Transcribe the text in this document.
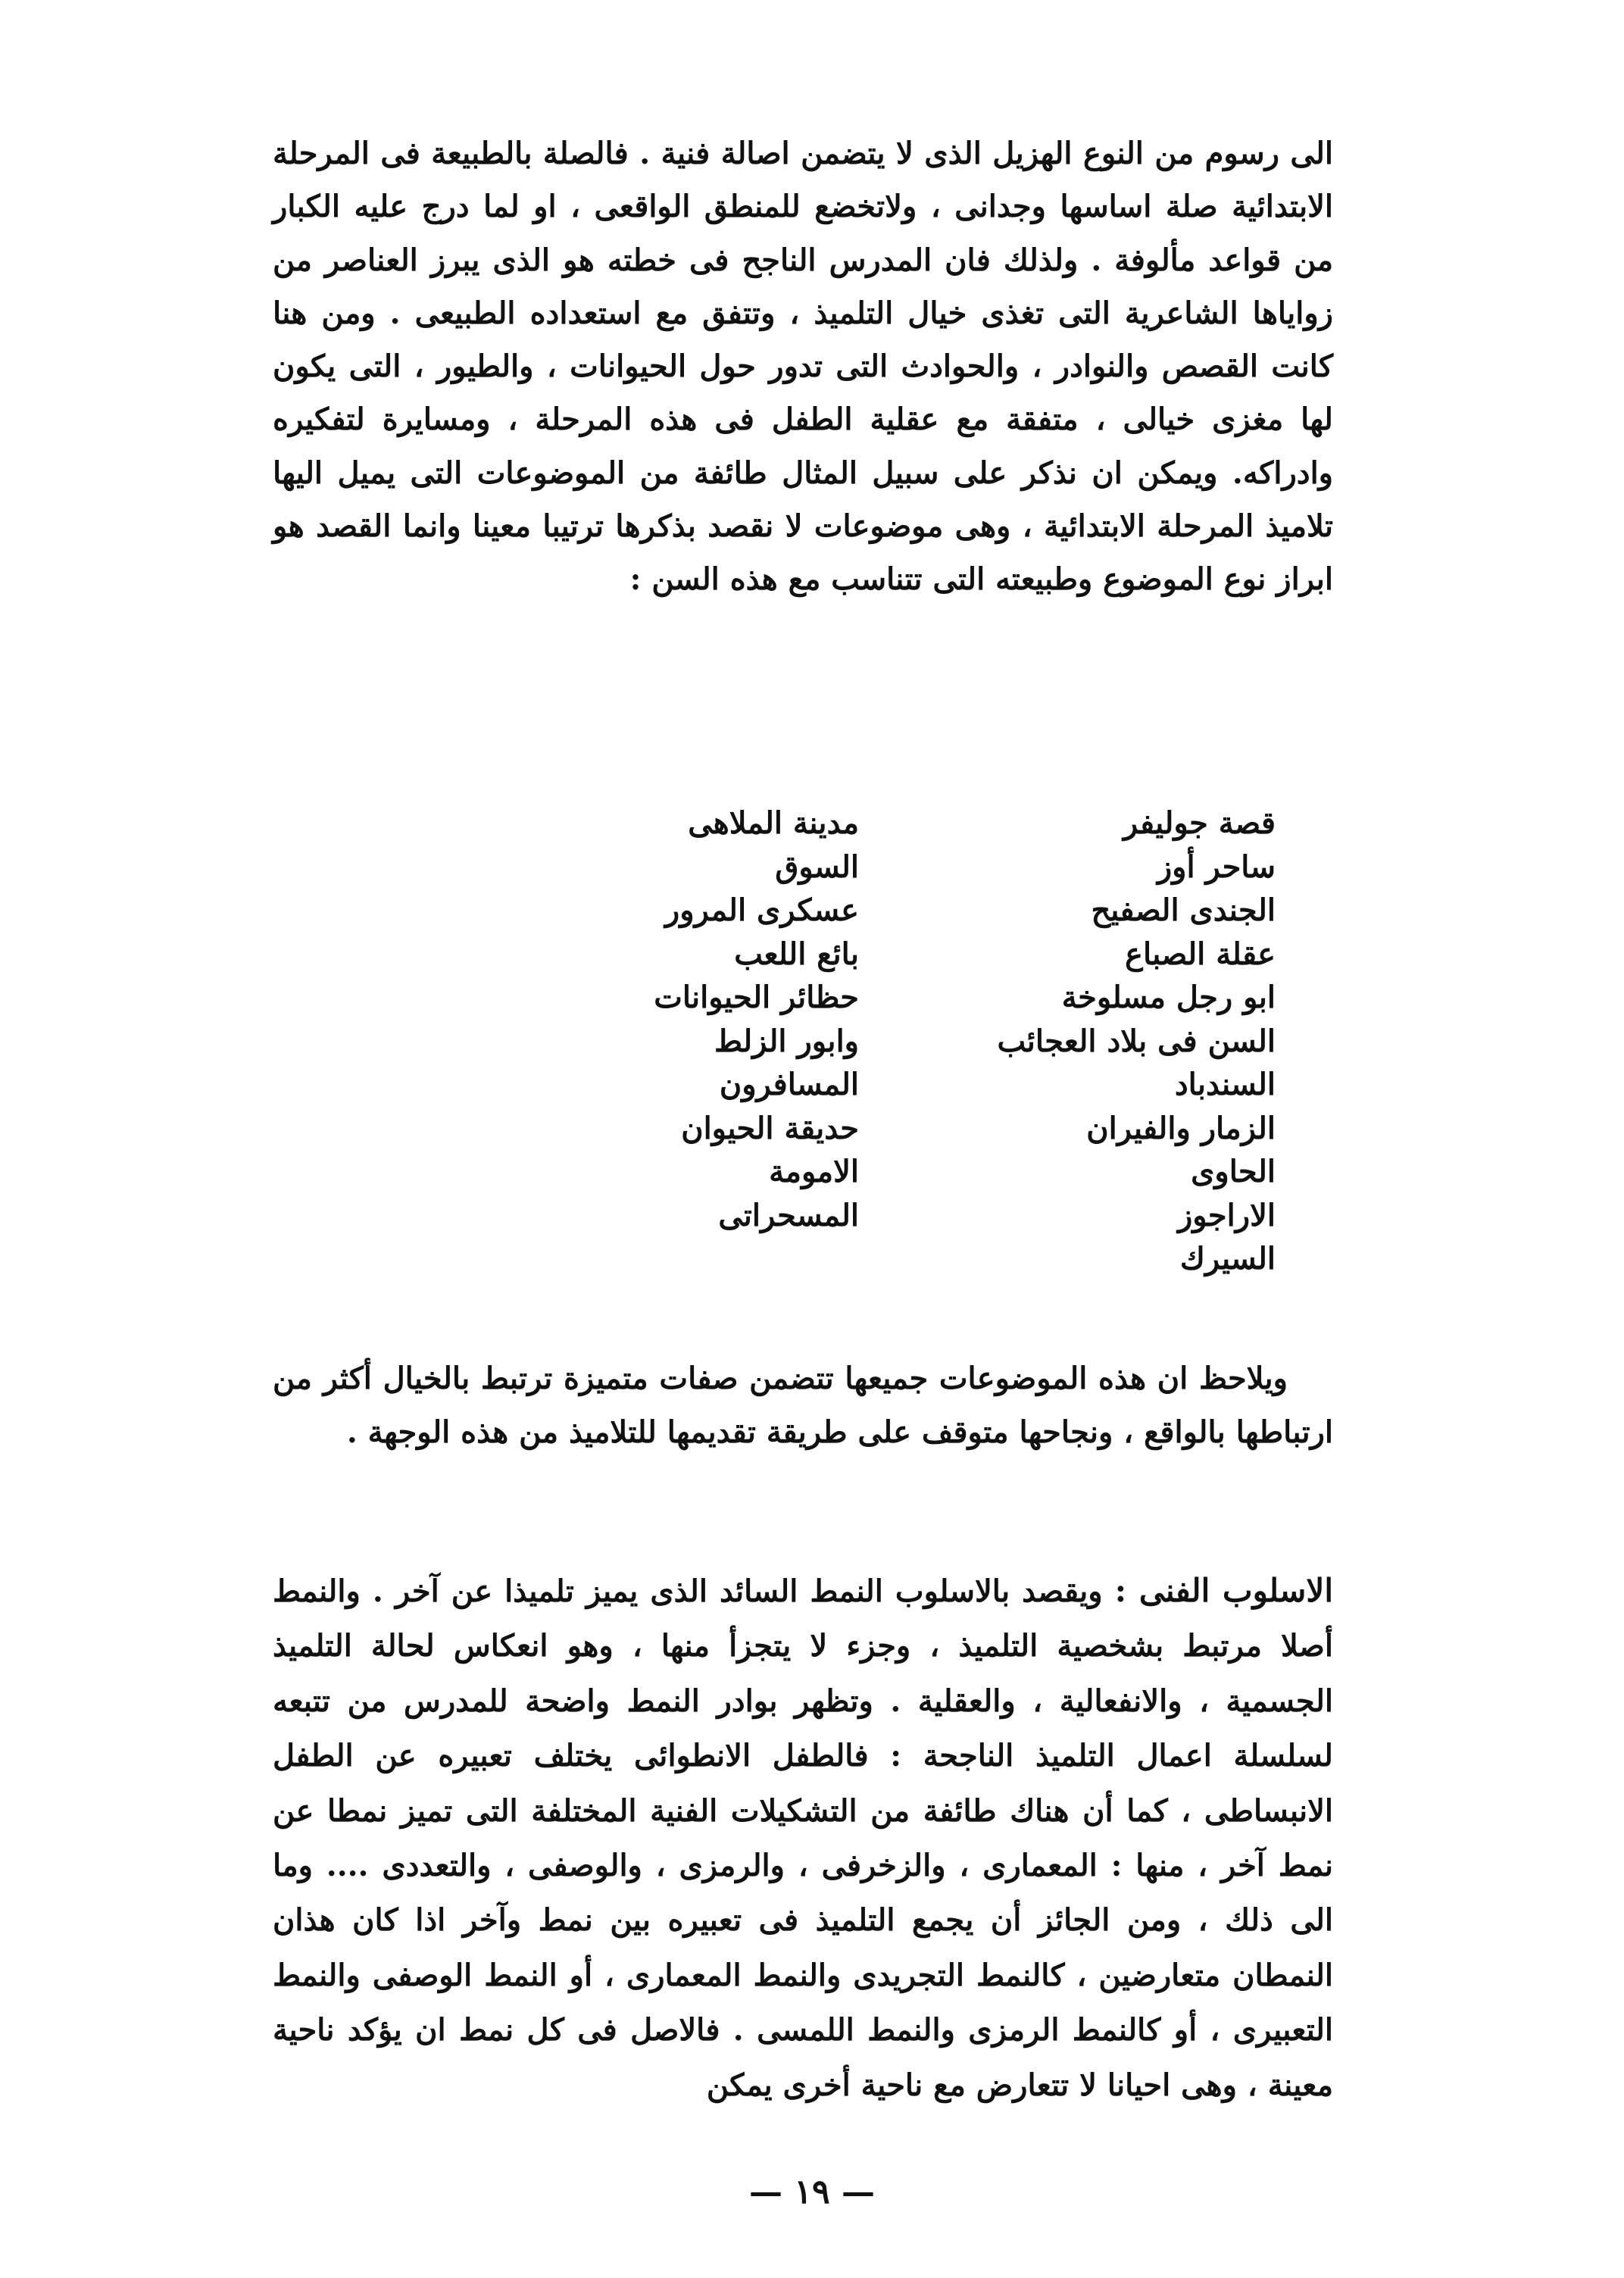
الى رسوم من النوع الهزيل الذى لا يتضمن اصالة فنية . فالصلة بالطبيعة فى المرحلة الابتدائية صلة اساسها وجدانى ، ولاتخضع للمنطق الواقعى ، او لما درج عليه الكبار من قواعد مألوفة . ولذلك فان المدرس الناجح فى خطته هو الذى يبرز العناصر من زواياها الشاعرية التى تغذى خيال التلميذ ، وتتفق مع استعداده الطبيعى . ومن هنا كانت القصص والنوادر ، والحوادث التى تدور حول الحيوانات ، والطيور ، التى يكون لها مغزى خيالى ، متفقة مع عقلية الطفل فى هذه المرحلة ، ومسايرة لتفكيره وادراكه. ويمكن ان نذكر على سبيل المثال طائفة من الموضوعات التى يميل اليها تلاميذ المرحلة الابتدائية ، وهى موضوعات لا نقصد بذكرها ترتيبا معينا وانما القصد هو ابراز نوع الموضوع وطبيعته التى تتناسب مع هذه السن :

قصة جوليفر
ساحر أوز
الجندى الصفيح
عقلة الصباع
ابو رجل مسلوخة
السن فى بلاد العجائب
السندباد
الزمار والفيران
الحاوى
الاراجوز
السيرك
مدينة الملاهى
السوق
عسكرى المرور
بائع اللعب
حظائر الحيوانات
وابور الزلط
المسافرون
حديقة الحيوان
الامومة
المسحراتى

ويلاحظ ان هذه الموضوعات جميعها تتضمن صفات متميزة ترتبط بالخيال أكثر من ارتباطها بالواقع ، ونجاحها متوقف على طريقة تقديمها للتلاميذ من هذه الوجهة .

الاسلوب الفنى : ويقصد بالاسلوب النمط السائد الذى يميز تلميذا عن آخر . والنمط أصلا مرتبط بشخصية التلميذ ، وجزء لا يتجزأ منها ، وهو انعكاس لحالة التلميذ الجسمية ، والانفعالية ، والعقلية . وتظهر بوادر النمط واضحة للمدرس من تتبعه لسلسلة اعمال التلميذ الناجحة : فالطفل الانطوائى يختلف تعبيره عن الطفل الانبساطى ، كما أن هناك طائفة من التشكيلات الفنية المختلفة التى تميز نمطا عن نمط آخر ، منها : المعمارى ، والزخرفى ، والرمزى ، والوصفى ، والتعددى .... وما الى ذلك ، ومن الجائز أن يجمع التلميذ فى تعبيره بين نمط وآخر اذا كان هذان النمطان متعارضين ، كالنمط التجريدى والنمط المعمارى ، أو النمط الوصفى والنمط التعبيرى ، أو كالنمط الرمزى والنمط اللمسى . فالاصل فى كل نمط ان يؤكد ناحية معينة ، وهى احيانا لا تتعارض مع ناحية أخرى يمكن

— ١٩ —
